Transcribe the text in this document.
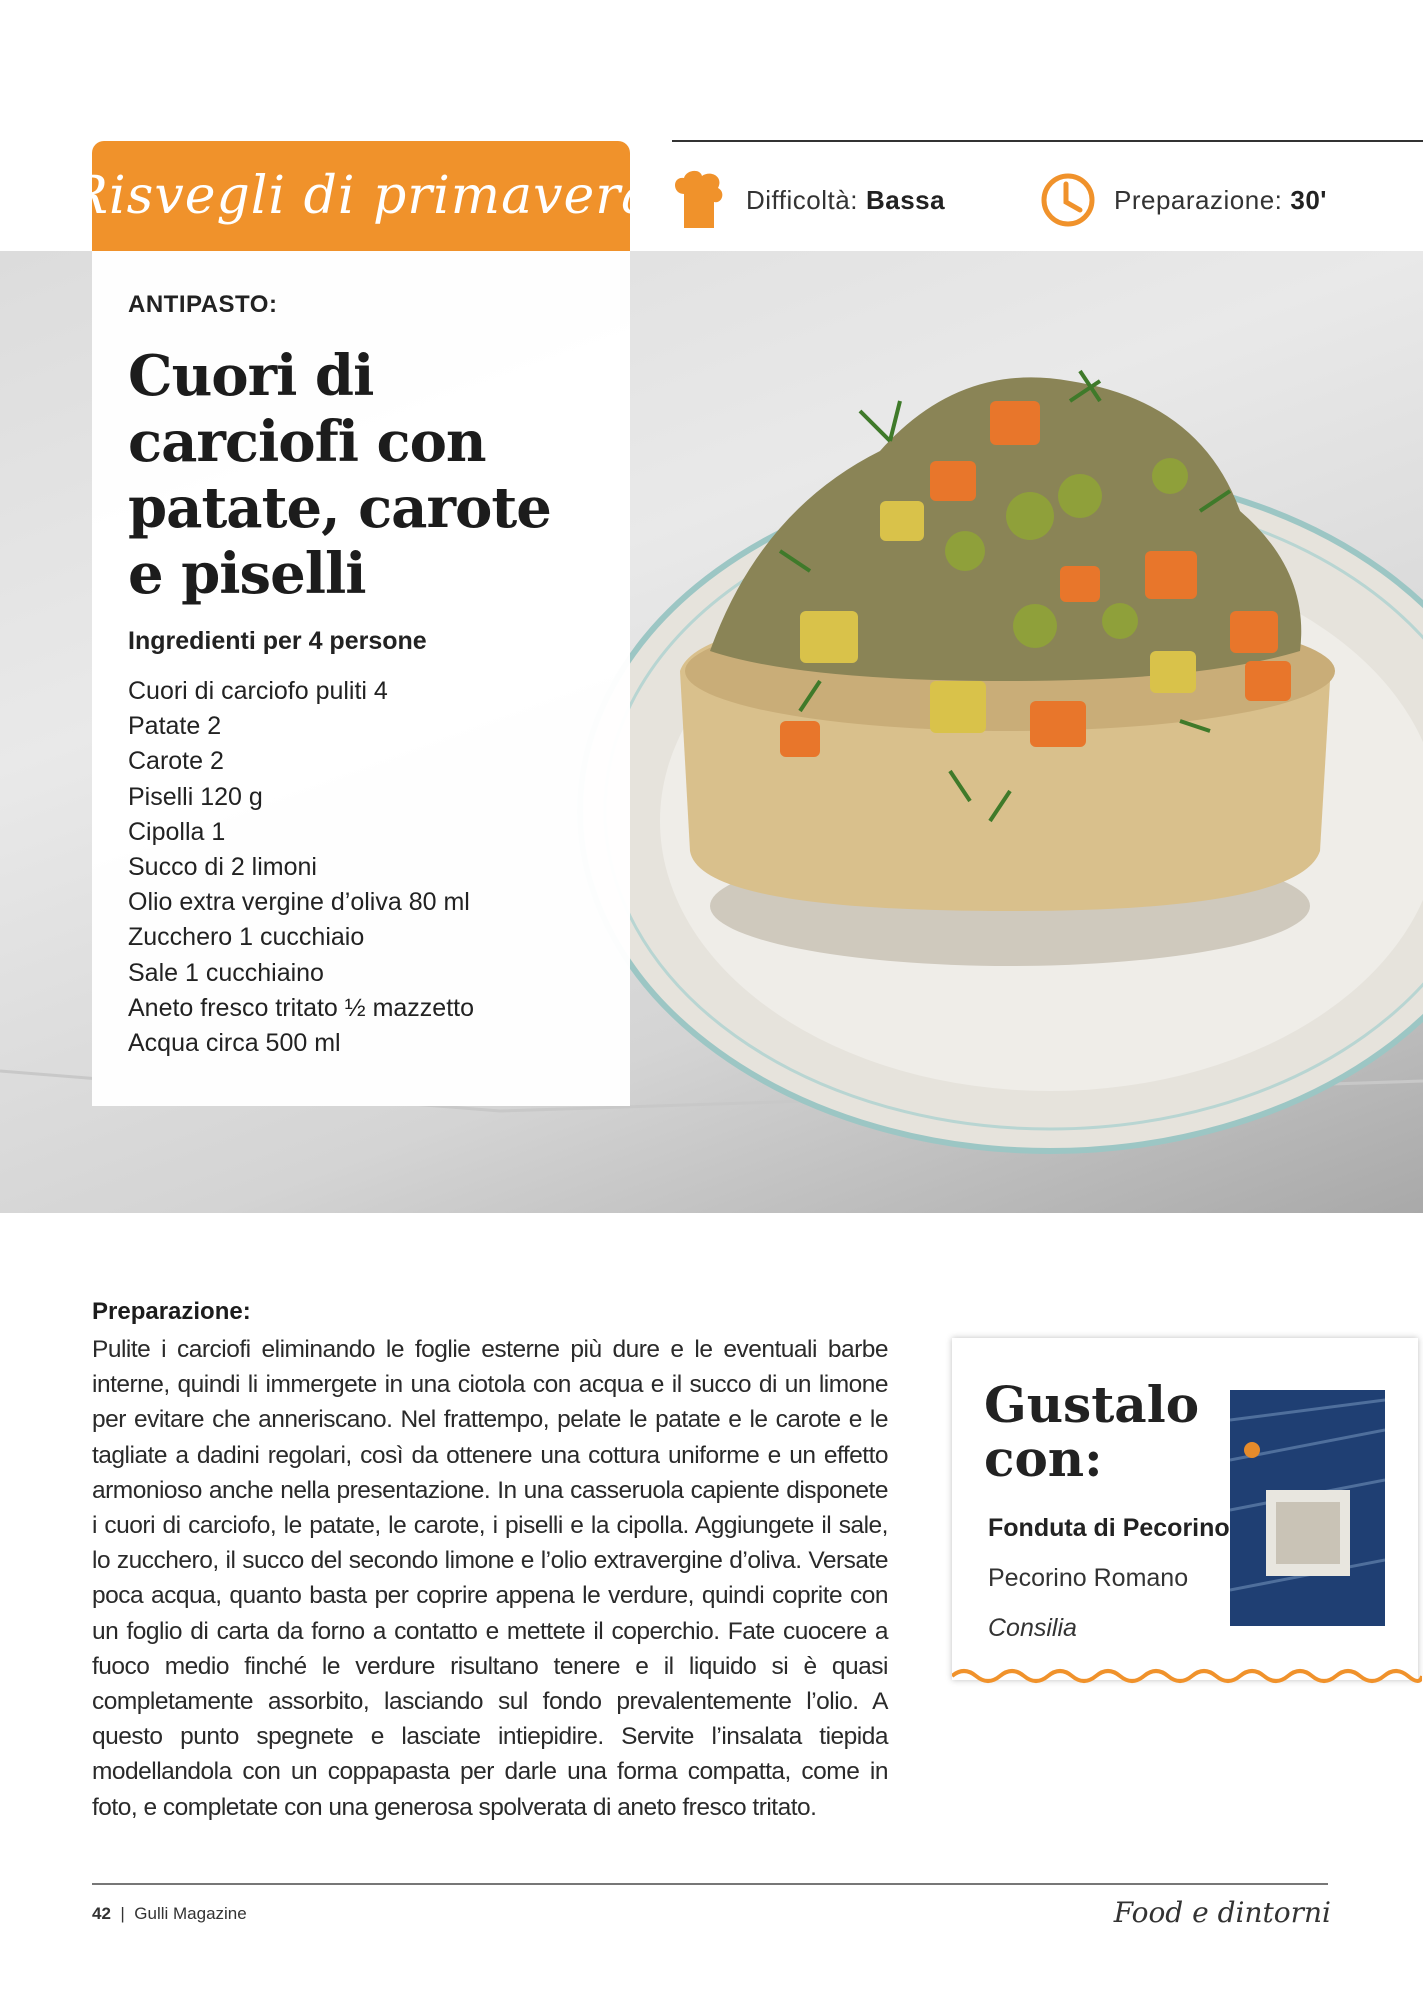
Risvegli di primavera	Difficoltà: Bassa	Preparazione: 30'
ANTIPASTO:
Cuori di carciofi con patate, carote e piselli
Ingredienti per 4 persone
Cuori di carciofo puliti 4
Patate 2
Carote 2
Piselli 120 g
Cipolla 1
Succo di 2 limoni
Olio extra vergine d’oliva 80 ml
Zucchero 1 cucchiaio
Sale 1 cucchiaino
Aneto fresco tritato ½ mazzetto
Acqua circa 500 ml
Preparazione:
Pulite i carciofi eliminando le foglie esterne più dure e le eventuali barbe interne, quindi li immergete in una ciotola con acqua e il succo di un limone per evitare che anneriscano. Nel frattempo, pelate le patate e le carote e le tagliate a dadini regolari, così da ottenere una cottura uniforme e un effetto armonioso anche nella presentazione. In una casseruola capiente disponete i cuori di carciofo, le patate, le carote, i piselli e la cipolla. Aggiungete il sale, lo zucchero, il succo del secondo limone e l’olio extravergine d’oliva. Versate poca acqua, quanto basta per coprire appena le verdure, quindi coprite con un foglio di carta da forno a contatto e mettete il coperchio. Fate cuocere a fuoco medio finché le verdure risultano tenere e il liquido si è quasi completamente assorbito, lasciando sul fondo prevalentemente l’olio. A questo punto spegnete e lasciate intiepidire. Servite l’insalata tiepida modellandola con un coppapasta per darle una forma compatta, come in foto, e completate con una generosa spolverata di aneto fresco tritato.
Gustalo
con:
Fonduta di Pecorino
Pecorino Romano
Consilia
42  |  Gulli Magazine	Food e dintorni
